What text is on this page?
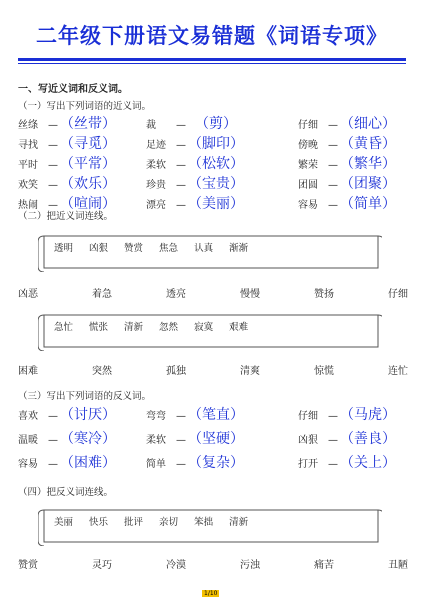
二年级下册语文易错题《词语专项》
一、写近义词和反义词。
（一）写出下列词语的近义词。
（二）把近义词连线。
透明 凶狠 赞赏 焦急 认真 渐渐
凶恶	着急	透亮	慢慢	赞扬	仔细
急忙 慌张 清新 忽然 寂寞 艰难
困难	突然	孤独	清爽	惊慌	连忙
（三）写出下列词语的反义词。
（四）把反义词连线。
美丽 快乐 批评 亲切 笨拙 清新
赞赏	灵巧	冷漠	污浊	痛苦	丑陋
1/10
丝绦 — （丝带）	裁 — （剪）	仔细 — （细心）
寻找 — （寻觅）	足迹 — （脚印）	傍晚 — （黄昏）
平时 — （平常）	柔软 — （松软）	繁荣 — （繁华）
欢笑 — （欢乐）	珍贵 — （宝贵）	团圆 — （团聚）
热闹 — （喧闹）	漂亮 — （美丽）	容易 — （简单）
喜欢 — （讨厌）	弯弯 — （笔直）	仔细 — （马虎）
温暖 — （寒冷）	柔软 — （坚硬）	凶狠 — （善良）
容易 — （困难）	简单 — （复杂）	打开 — （关上）
